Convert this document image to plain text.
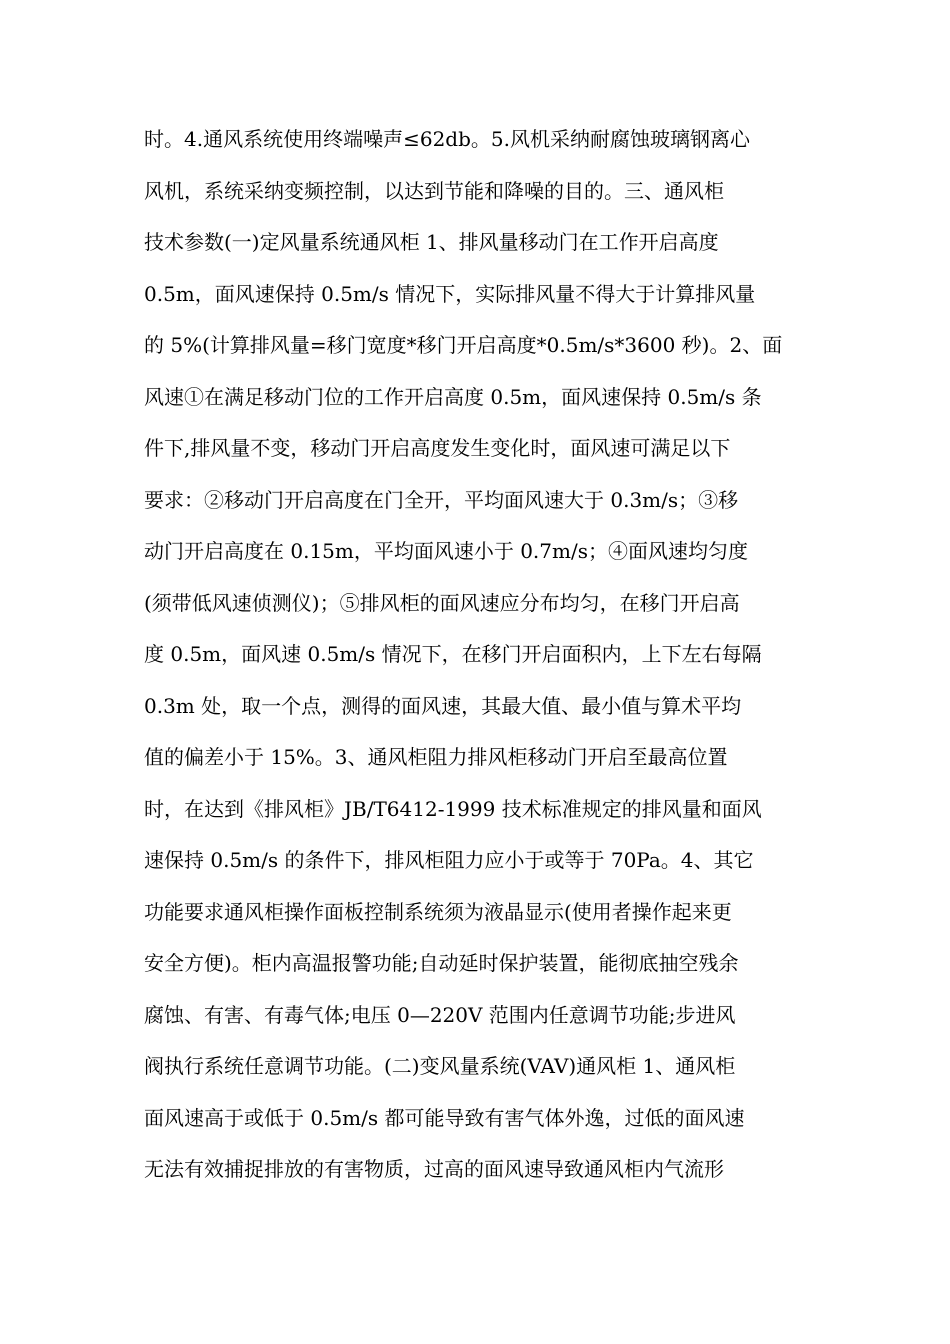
时。4.通风系统使用终端噪声≤62db。5.风机采纳耐腐蚀玻璃钢离心
风机，系统采纳变频控制，以达到节能和降噪的目的。三、通风柜
技术参数(一)定风量系统通风柜 1、排风量移动门在工作开启高度
0.5m，面风速保持 0.5m/s 情况下，实际排风量不得大于计算排风量
的 5%(计算排风量=移门宽度*移门开启高度*0.5m/s*3600 秒)。2、面
风速①在满足移动门位的工作开启高度 0.5m，面风速保持 0.5m/s 条
件下,排风量不变，移动门开启高度发生变化时，面风速可满足以下
要求：②移动门开启高度在门全开，平均面风速大于 0.3m/s；③移
动门开启高度在 0.15m，平均面风速小于 0.7m/s；④面风速均匀度
(须带低风速侦测仪)；⑤排风柜的面风速应分布均匀，在移门开启高
度 0.5m，面风速 0.5m/s 情况下，在移门开启面积内，上下左右每隔
0.3m 处，取一个点，测得的面风速，其最大值、最小值与算术平均
值的偏差小于 15%。3、通风柜阻力排风柜移动门开启至最高位置
时，在达到《排风柜》JB/T6412-1999 技术标准规定的排风量和面风
速保持 0.5m/s 的条件下，排风柜阻力应小于或等于 70Pa。4、其它
功能要求通风柜操作面板控制系统须为液晶显示(使用者操作起来更
安全方便)。柜内高温报警功能;自动延时保护装置，能彻底抽空残余
腐蚀、有害、有毒气体;电压 0—220V 范围内任意调节功能;步进风
阀执行系统任意调节功能。(二)变风量系统(VAV)通风柜 1、通风柜
面风速高于或低于 0.5m/s 都可能导致有害气体外逸，过低的面风速
无法有效捕捉排放的有害物质，过高的面风速导致通风柜内气流形
